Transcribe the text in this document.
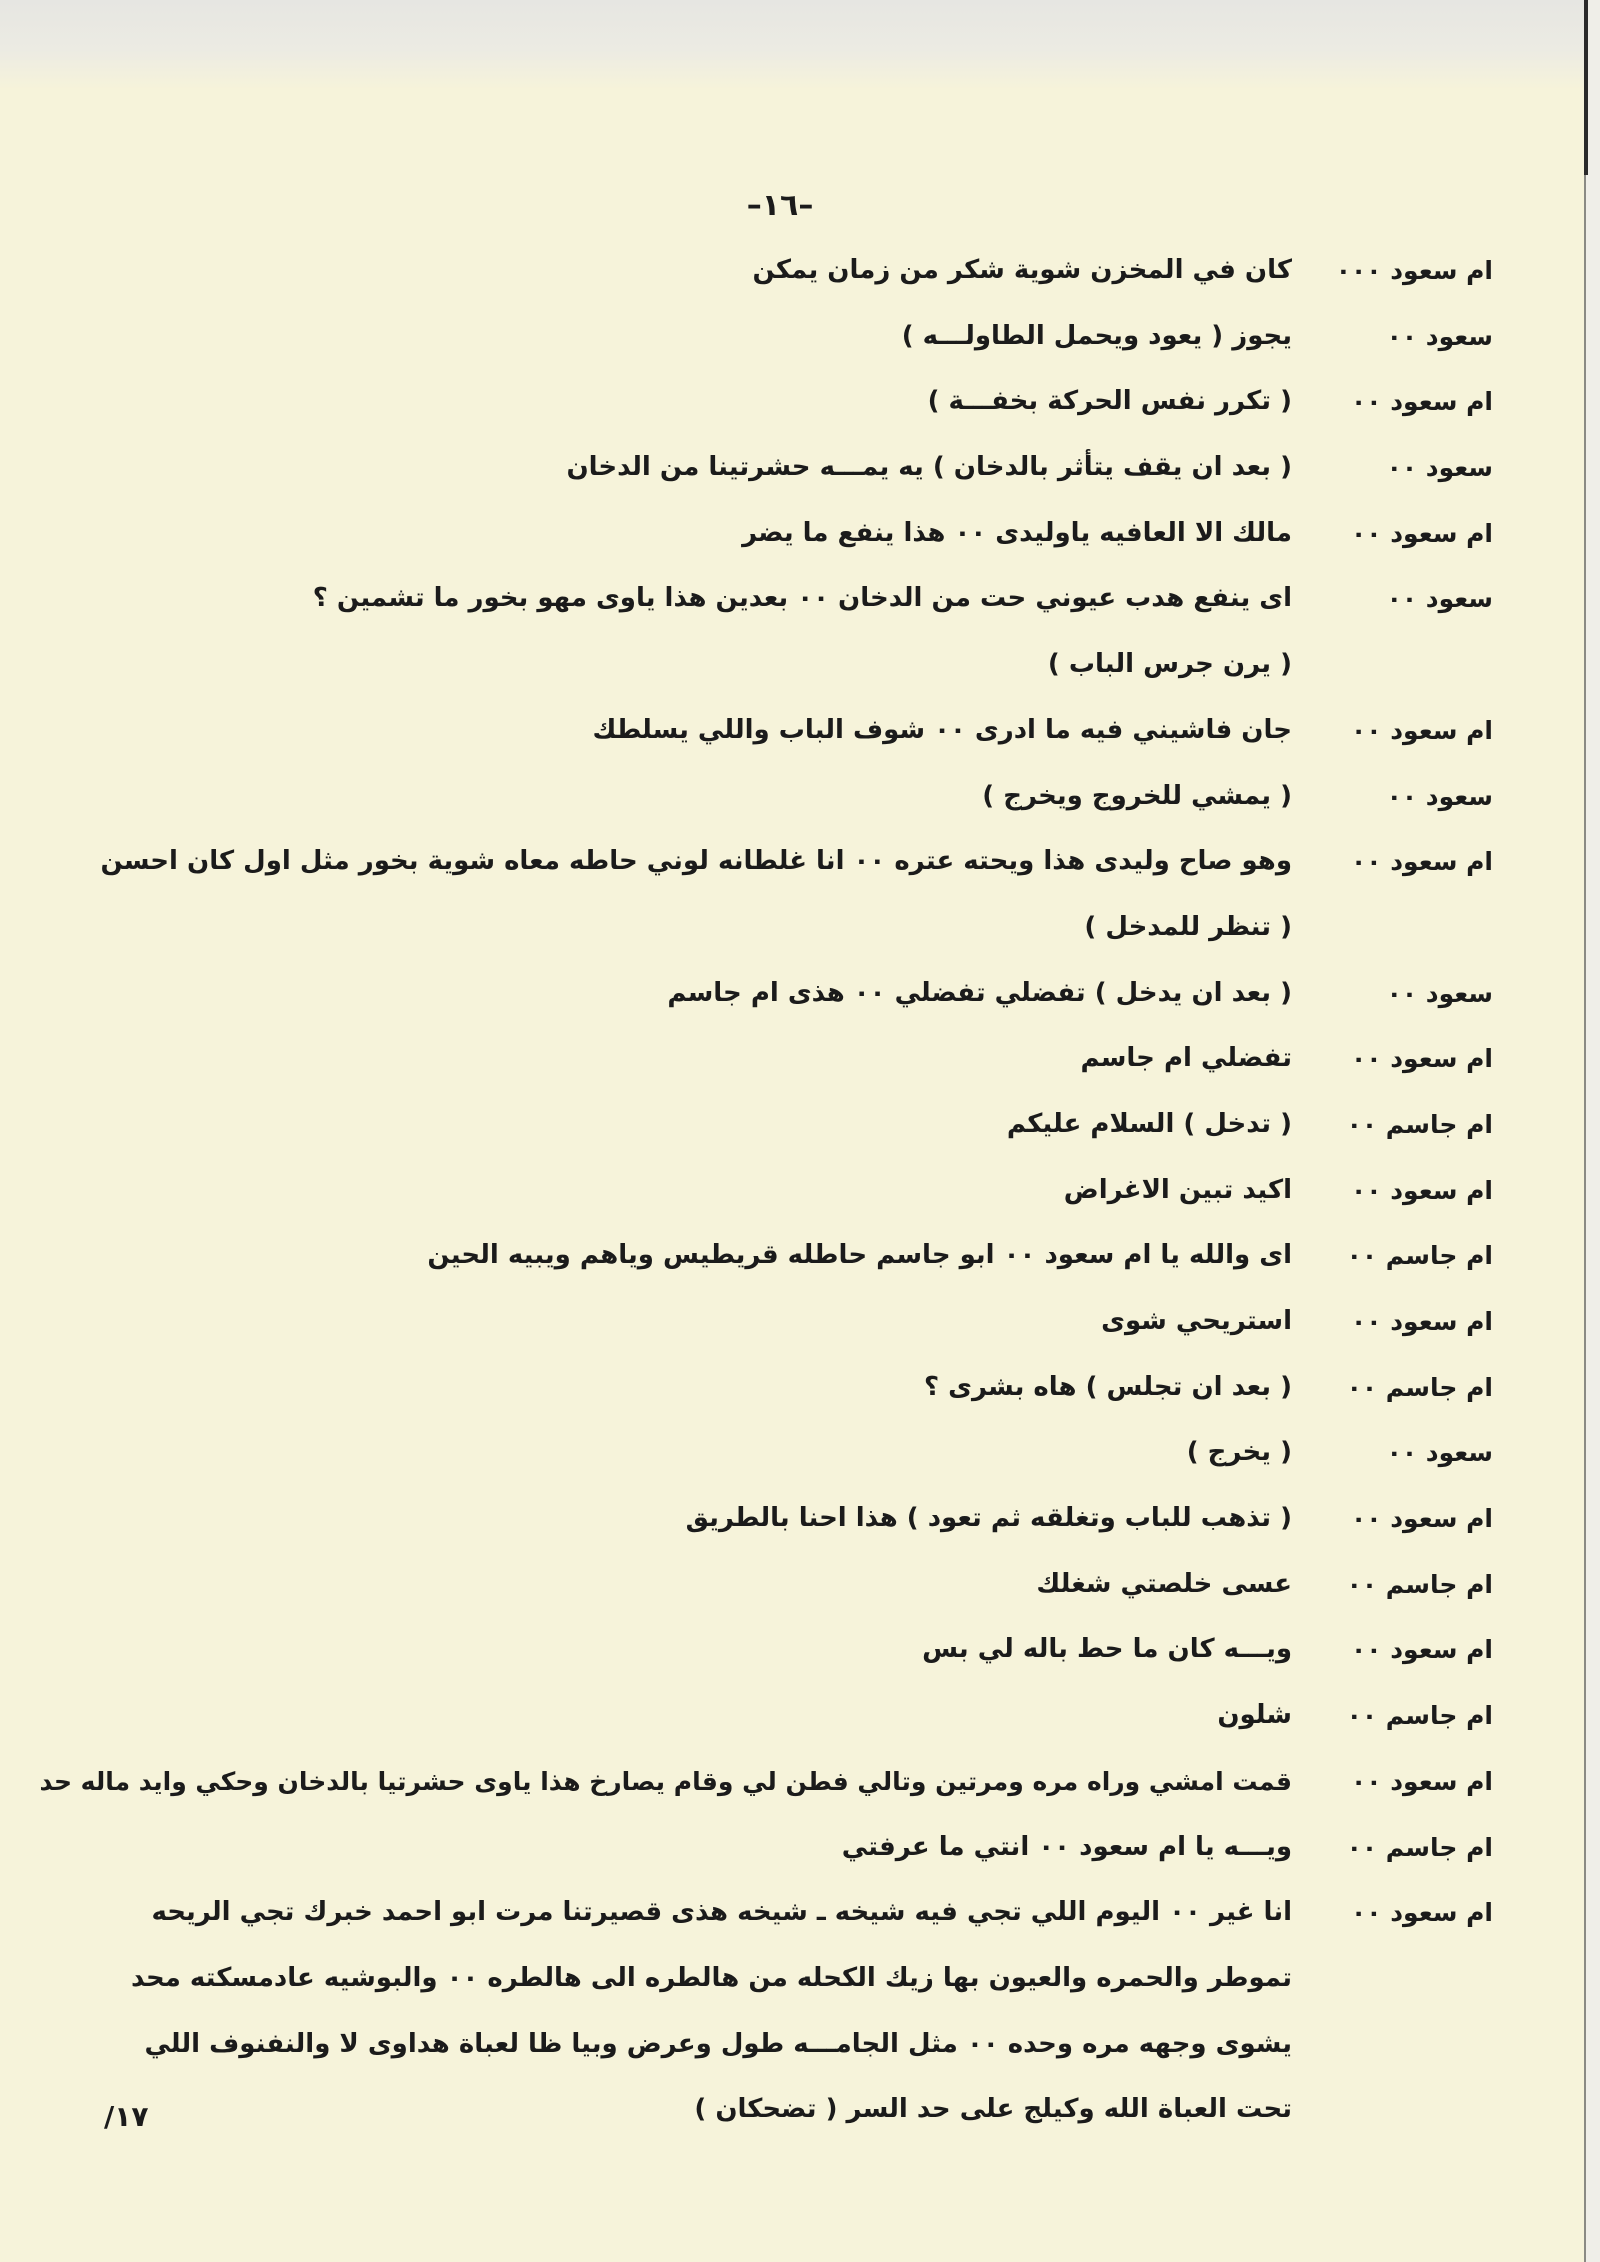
–١٦–
ام سعود ٠٠٠
كان في المخزن شوية شكر من زمان يمكن
سعود ٠٠
يجوز ( يعود ويحمل الطاولـــه )
ام سعود ٠٠
( تكرر نفس الحركة بخفـــة )
سعود ٠٠
( بعد ان يقف يتأثر بالدخان ) يه يمـــه حشرتينا من الدخان
ام سعود ٠٠
مالك الا العافيه ياوليدى ٠٠ هذا ينفع ما يضر
سعود ٠٠
اى ينفع هدب عيوني حت من الدخان ٠٠ بعدين هذا ياوى مهو بخور ما تشمين ؟
( يرن جرس الباب )
ام سعود ٠٠
جان فاشيني فيه ما ادرى ٠٠ شوف الباب واللي يسلطك
سعود ٠٠
( يمشي للخروج ويخرج )
ام سعود ٠٠
وهو صاح وليدى هذا ويحته عتره ٠٠ انا غلطانه لوني حاطه معاه شوية بخور مثل اول كان احسن
( تنظر للمدخل )
سعود ٠٠
( بعد ان يدخل ) تفضلي تفضلي ٠٠ هذى ام جاسم
ام سعود ٠٠
تفضلي ام جاسم
ام جاسم ٠٠
( تدخل ) السلام عليكم
ام سعود ٠٠
اكيد تبين الاغراض
ام جاسم ٠٠
اى والله يا ام سعود ٠٠ ابو جاسم حاطله قريطيس وياهم ويبيه الحين
ام سعود ٠٠
استريحي شوى
ام جاسم ٠٠
( بعد ان تجلس ) هاه بشرى ؟
سعود ٠٠
( يخرج )
ام سعود ٠٠
( تذهب للباب وتغلقه ثم تعود ) هذا احنا بالطريق
ام جاسم ٠٠
عسى خلصتي شغلك
ام سعود ٠٠
ويـــه كان ما حط باله لي بس
ام جاسم ٠٠
شلون
ام سعود ٠٠
قمت امشي وراه مره ومرتين وتالي فطن لي وقام يصارخ هذا ياوى حشرتيا بالدخان وحكي وايد ماله حد
ام جاسم ٠٠
ويـــه يا ام سعود ٠٠ انتي ما عرفتي
ام سعود ٠٠
انا غير ٠٠ اليوم اللي تجي فيه شيخه ـ شيخه هذى قصيرتنا مرت ابو احمد خبرك تجي الريحه
تموطر والحمره والعيون بها زيك الكحله من هالطره الى هالطره ٠٠ والبوشيه عادمسكته محد
يشوى وجهه مره وحده ٠٠ مثل الجامـــه طول وعرض وبيا ظا لعباة هداوى لا والنفنوف اللي
تحت العباة الله وكيلج على حد السر ( تضحكان )
/١٧
